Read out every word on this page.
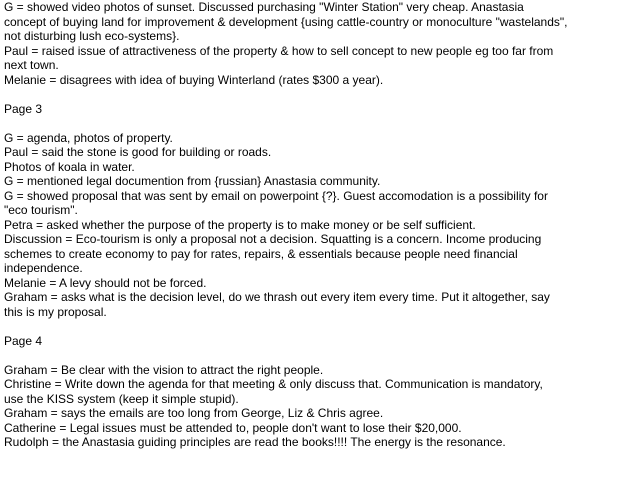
G = showed video photos of sunset. Discussed purchasing "Winter Station" very cheap. Anastasia
concept of buying land for improvement & development {using cattle-country or monoculture "wastelands",
not disturbing lush eco-systems}.
Paul = raised issue of attractiveness of the property & how to sell concept to new people eg too far from
next town.
Melanie = disagrees with idea of buying Winterland (rates $300 a year).
Page 3
G = agenda, photos of property.
Paul = said the stone is good for building or roads.
Photos of koala in water.
G = mentioned legal documention from {russian} Anastasia community.
G = showed proposal that was sent by email on powerpoint {?}. Guest accomodation is a possibility for
"eco tourism".
Petra = asked whether the purpose of the property is to make money or be self sufficient.
Discussion = Eco-tourism is only a proposal not a decision. Squatting is a concern. Income producing
schemes to create economy to pay for rates, repairs, & essentials because people need financial
independence.
Melanie = A levy should not be forced.
Graham = asks what is the decision level, do we thrash out every item every time. Put it altogether, say
this is my proposal.
Page 4
Graham = Be clear with the vision to attract the right people.
Christine = Write down the agenda for that meeting & only discuss that. Communication is mandatory,
use the KISS system (keep it simple stupid).
Graham = says the emails are too long from George, Liz & Chris agree.
Catherine = Legal issues must be attended to, people don't want to lose their $20,000.
Rudolph = the Anastasia guiding principles are read the books!!!! The energy is the resonance.
